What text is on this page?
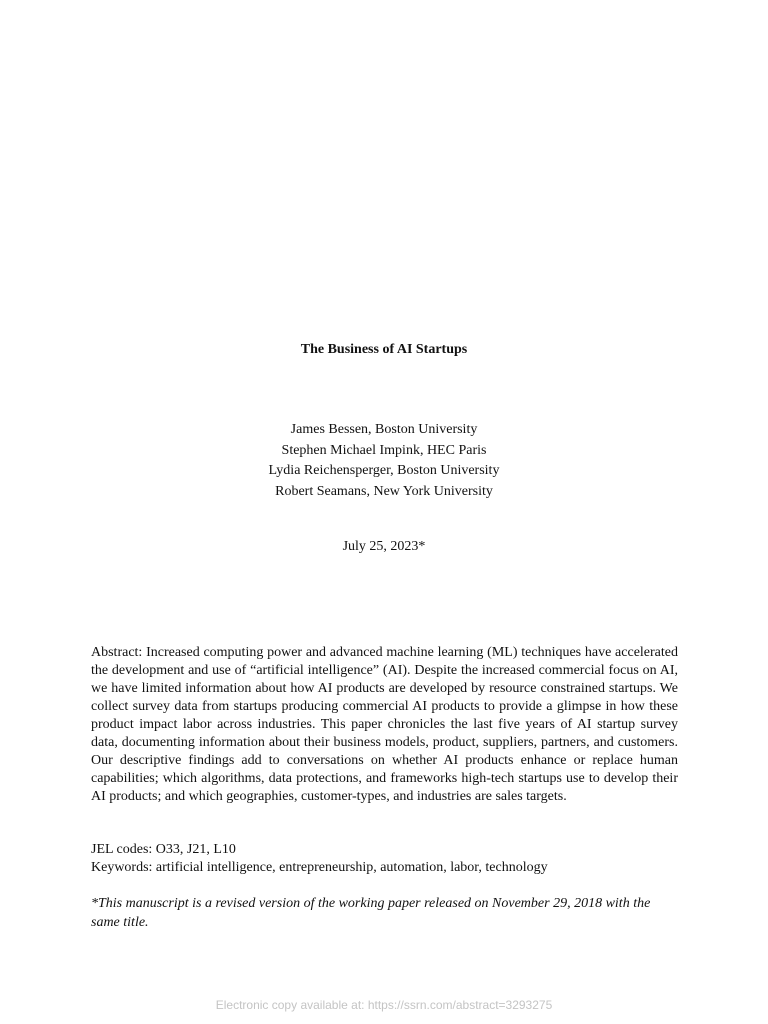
The Business of AI Startups
James Bessen, Boston University
Stephen Michael Impink, HEC Paris
Lydia Reichensperger, Boston University
Robert Seamans, New York University
July 25, 2023*
Abstract: Increased computing power and advanced machine learning (ML) techniques have accelerated the development and use of “artificial intelligence” (AI). Despite the increased commercial focus on AI, we have limited information about how AI products are developed by resource constrained startups. We collect survey data from startups producing commercial AI products to provide a glimpse in how these product impact labor across industries. This paper chronicles the last five years of AI startup survey data, documenting information about their business models, product, suppliers, partners, and customers. Our descriptive findings add to conversations on whether AI products enhance or replace human capabilities; which algorithms, data protections, and frameworks high-tech startups use to develop their AI products; and which geographies, customer-types, and industries are sales targets.
JEL codes: O33, J21, L10
Keywords: artificial intelligence, entrepreneurship, automation, labor, technology
*This manuscript is a revised version of the working paper released on November 29, 2018 with the same title.
Electronic copy available at: https://ssrn.com/abstract=3293275
